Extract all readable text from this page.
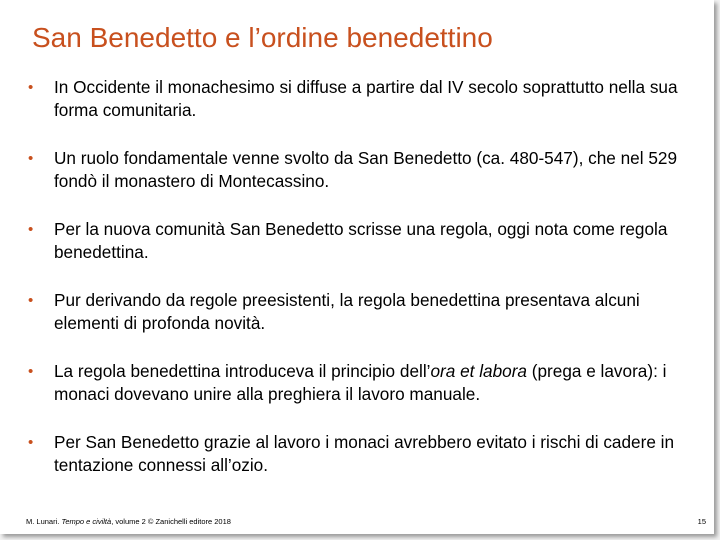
San Benedetto e l’ordine benedettino
• In Occidente il monachesimo si diffuse a partire dal IV secolo soprattutto nella sua forma comunitaria.
• Un ruolo fondamentale venne svolto da San Benedetto (ca. 480-547), che nel 529 fondò il monastero di Montecassino.
• Per la nuova comunità San Benedetto scrisse una regola, oggi nota come regola benedettina.
• Pur derivando da regole preesistenti, la regola benedettina presentava alcuni elementi di profonda novità.
• La regola benedettina introduceva il principio dell’ora et labora (prega e lavora): i monaci dovevano unire alla preghiera il lavoro manuale.
• Per San Benedetto grazie al lavoro i monaci avrebbero evitato i rischi di cadere in tentazione connessi all’ozio.
M. Lunari. Tempo e civiltà, volume 2 © Zanichelli editore 2018	15
